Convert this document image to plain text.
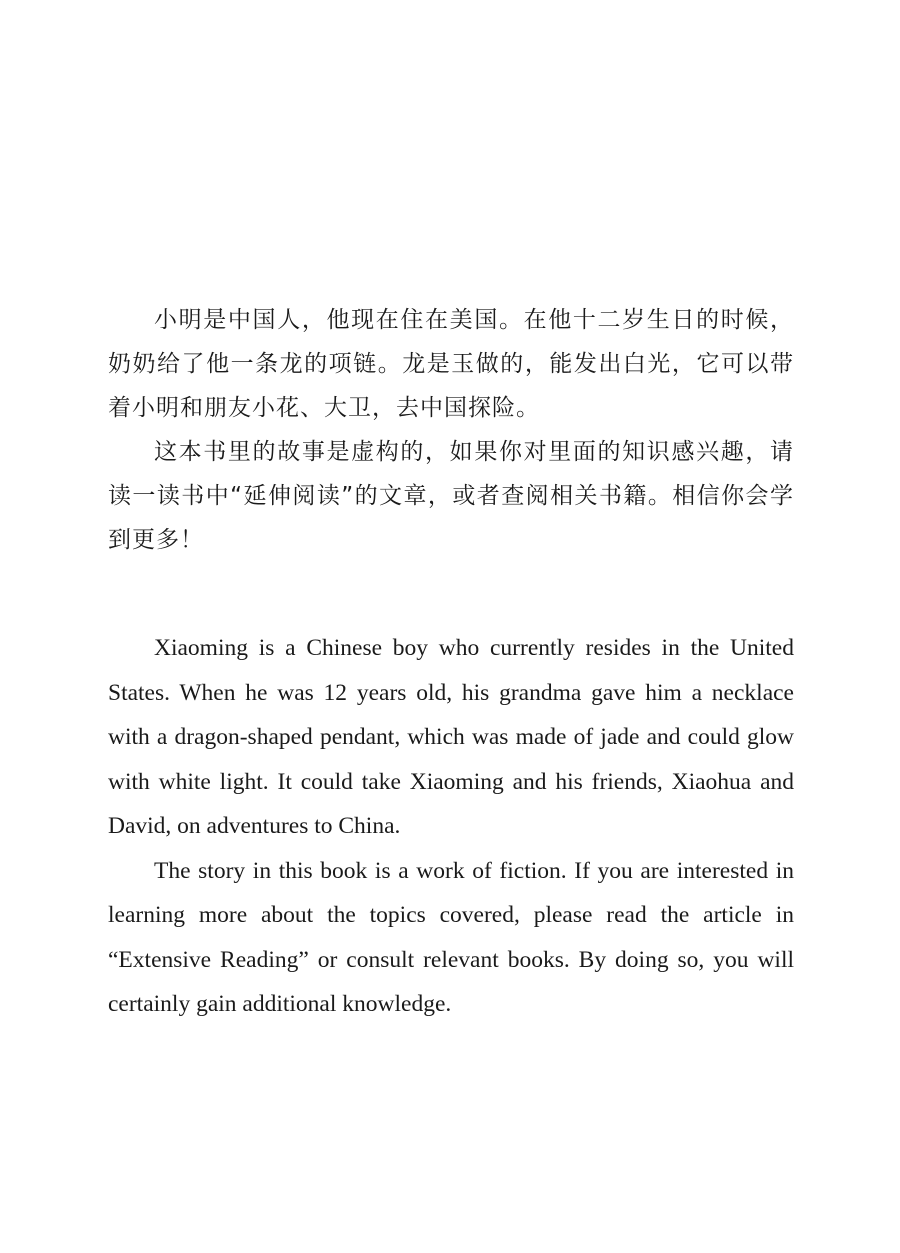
小明是中国人，他现在住在美国。在他十二岁生日的时候，奶奶给了他一条龙的项链。龙是玉做的，能发出白光，它可以带着小明和朋友小花、大卫，去中国探险。

这本书里的故事是虚构的，如果你对里面的知识感兴趣，请读一读书中“延伸阅读”的文章，或者查阅相关书籍。相信你会学到更多！

Xiaoming is a Chinese boy who currently resides in the United States. When he was 12 years old, his grandma gave him a necklace with a dragon-shaped pendant, which was made of jade and could glow with white light. It could take Xiaoming and his friends, Xiaohua and David, on adventures to China.

The story in this book is a work of fiction. If you are interested in learning more about the topics covered, please read the article in “Extensive Reading” or consult relevant books. By doing so, you will certainly gain additional knowledge.
